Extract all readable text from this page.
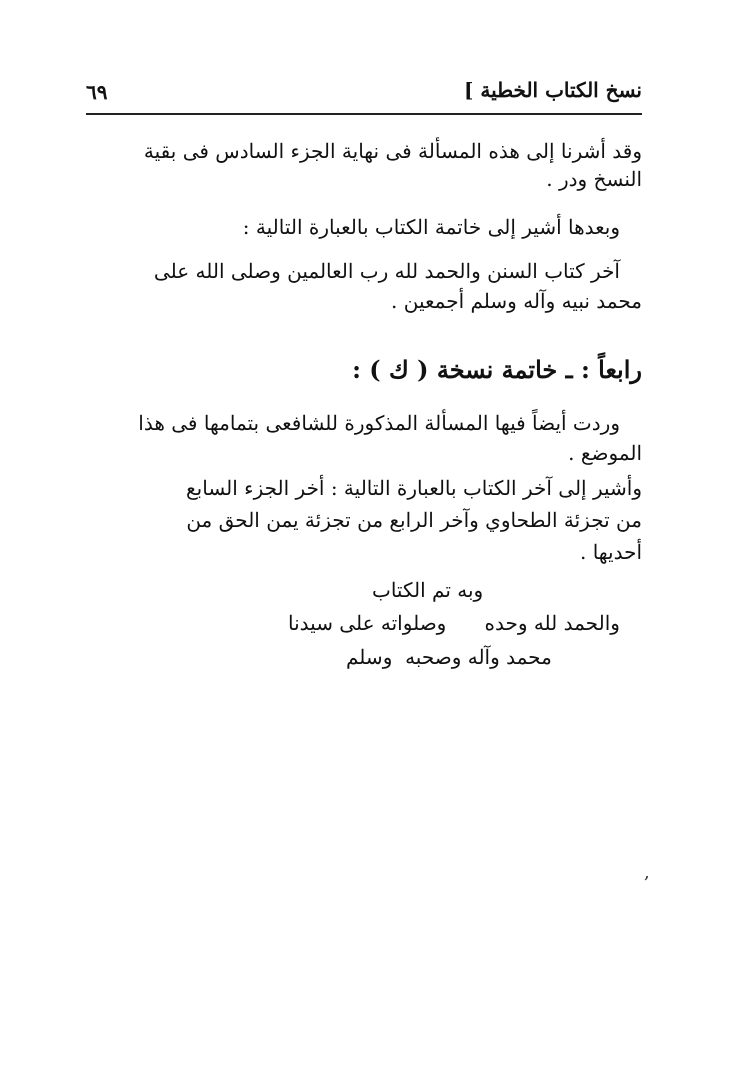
٦٩	نسخ الكتاب الخطية ]
وقد أشرنا إلى هذه المسألة فى نهاية الجزء السادس فى بقية
النسخ ودر .
وبعدها أشير إلى خاتمة الكتاب بالعبارة التالية :
آخر كتاب السنن والحمد لله رب العالمين وصلى الله على
محمد نبيه وآله وسلم أجمعين .
رابعاً : ـ خاتمة نسخة ( ك ) :
وردت أيضاً فيها المسألة المذكورة للشافعى بتمامها فى هذا
الموضع .
وأشير إلى آخر الكتاب بالعبارة التالية : أخر الجزء السابع
من تجزئة الطحاوي وآخر الرابع من تجزئة يمن الحق من
أحديها .
وبه تم الكتاب
والحمد لله وحده      وصلواته على سيدنا
محمد وآله وصحبه  وسلم
,
